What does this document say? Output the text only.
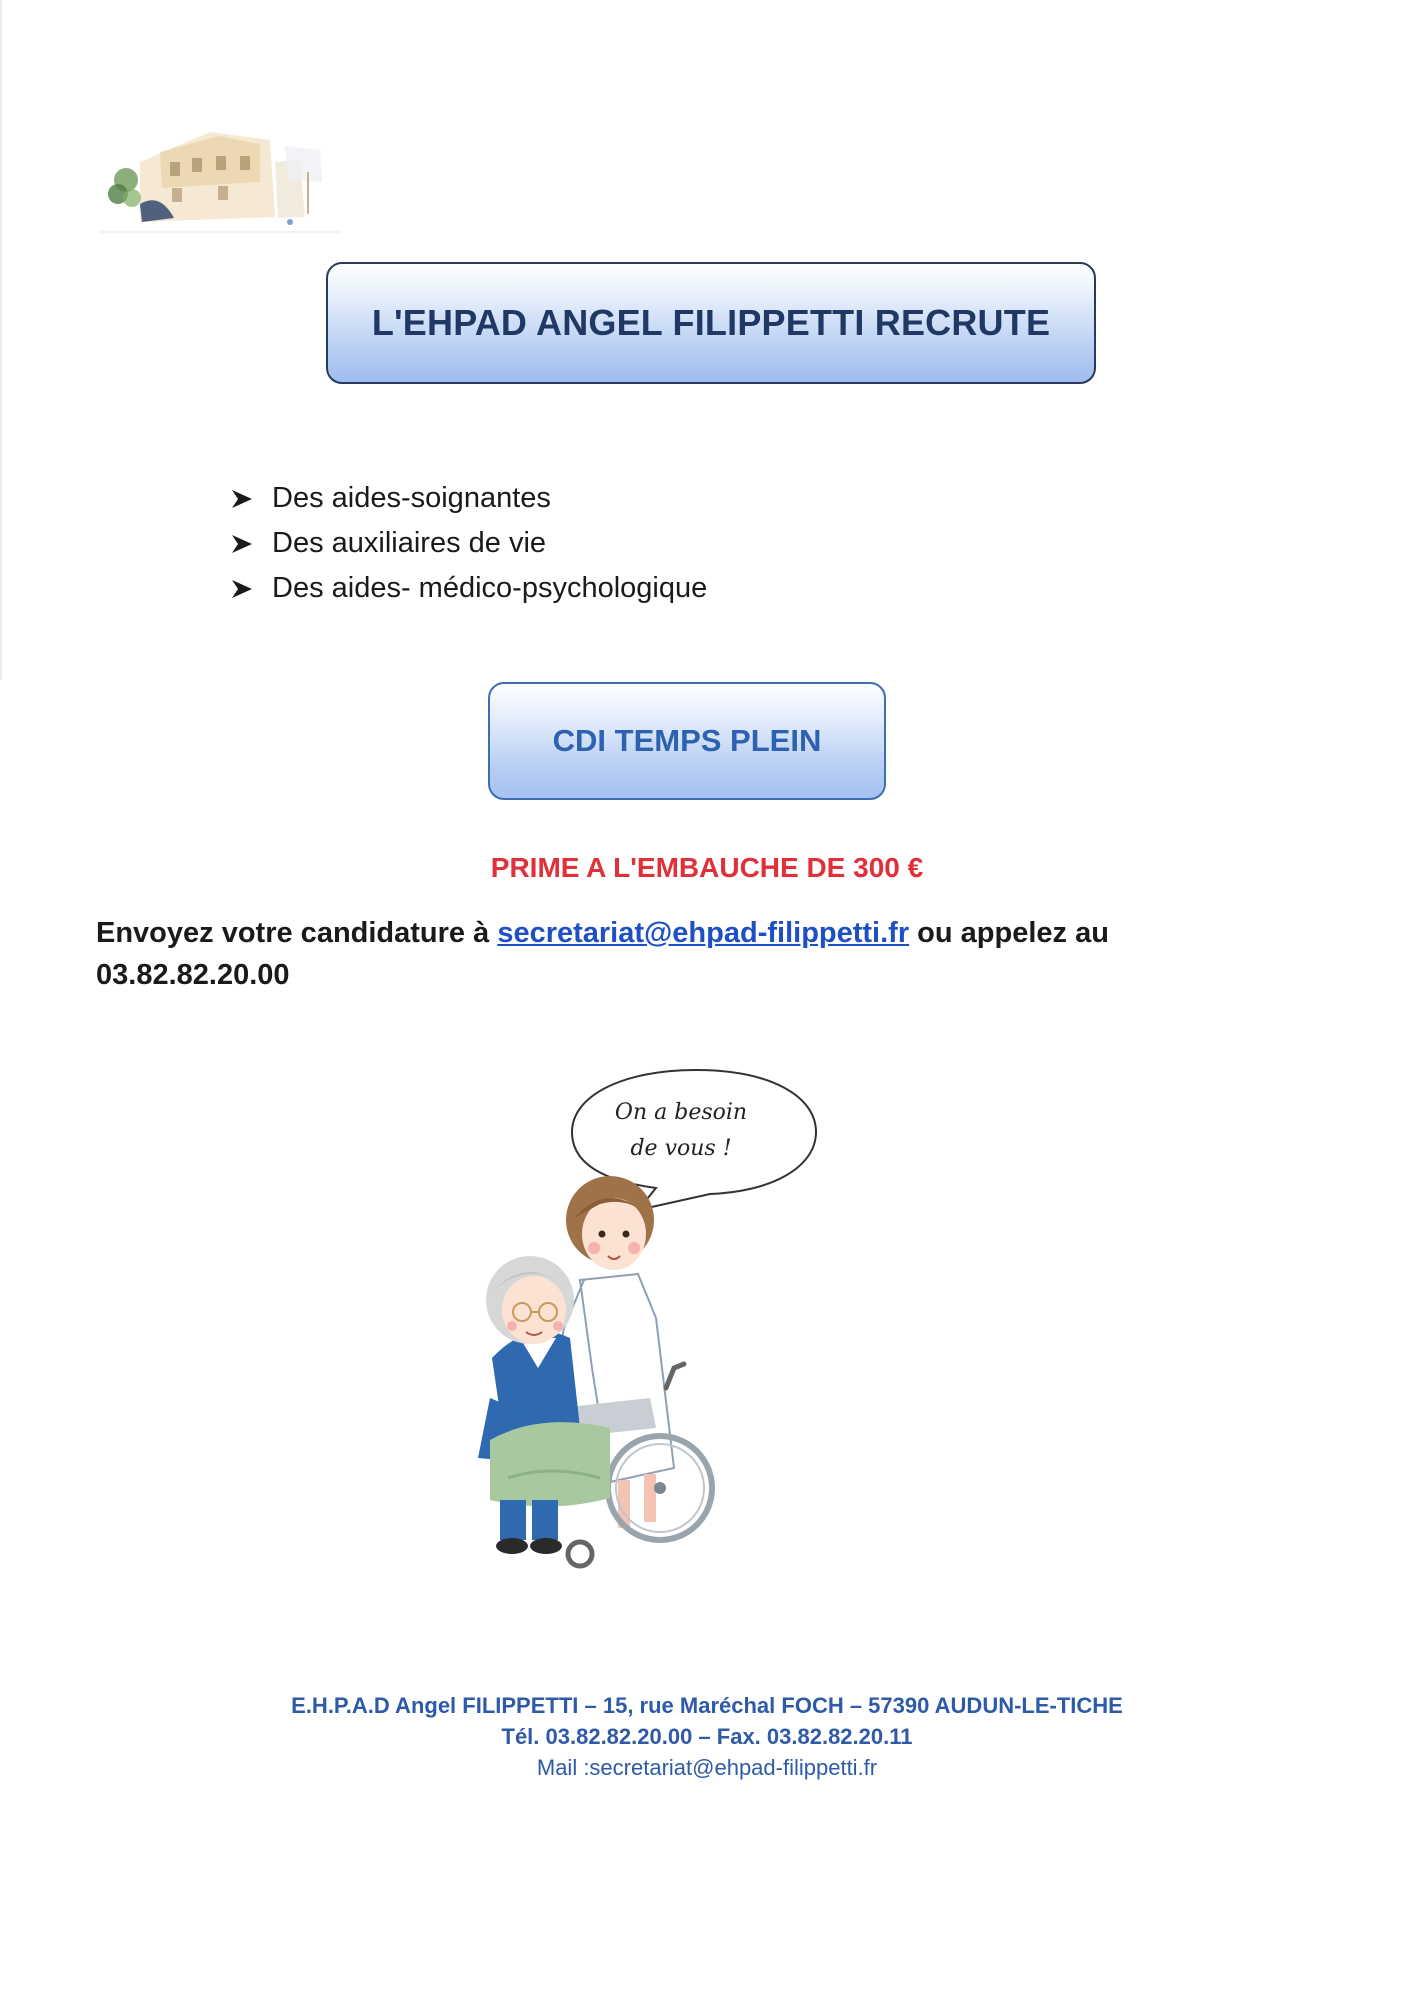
L'EHPAD ANGEL FILIPPETTI RECRUTE
Des aides-soignantes
Des auxiliaires de vie
Des aides- médico-psychologique
CDI TEMPS PLEIN
PRIME A L'EMBAUCHE DE 300 €

Envoyez votre candidature à secretariat@ehpad-filippetti.fr ou appelez au
03.82.82.20.00

On a besoin
de vous !
E.H.P.A.D Angel FILIPPETTI – 15, rue Maréchal FOCH – 57390 AUDUN-LE-TICHE
Tél. 03.82.82.20.00 – Fax. 03.82.82.20.11
Mail :secretariat@ehpad-filippetti.fr
